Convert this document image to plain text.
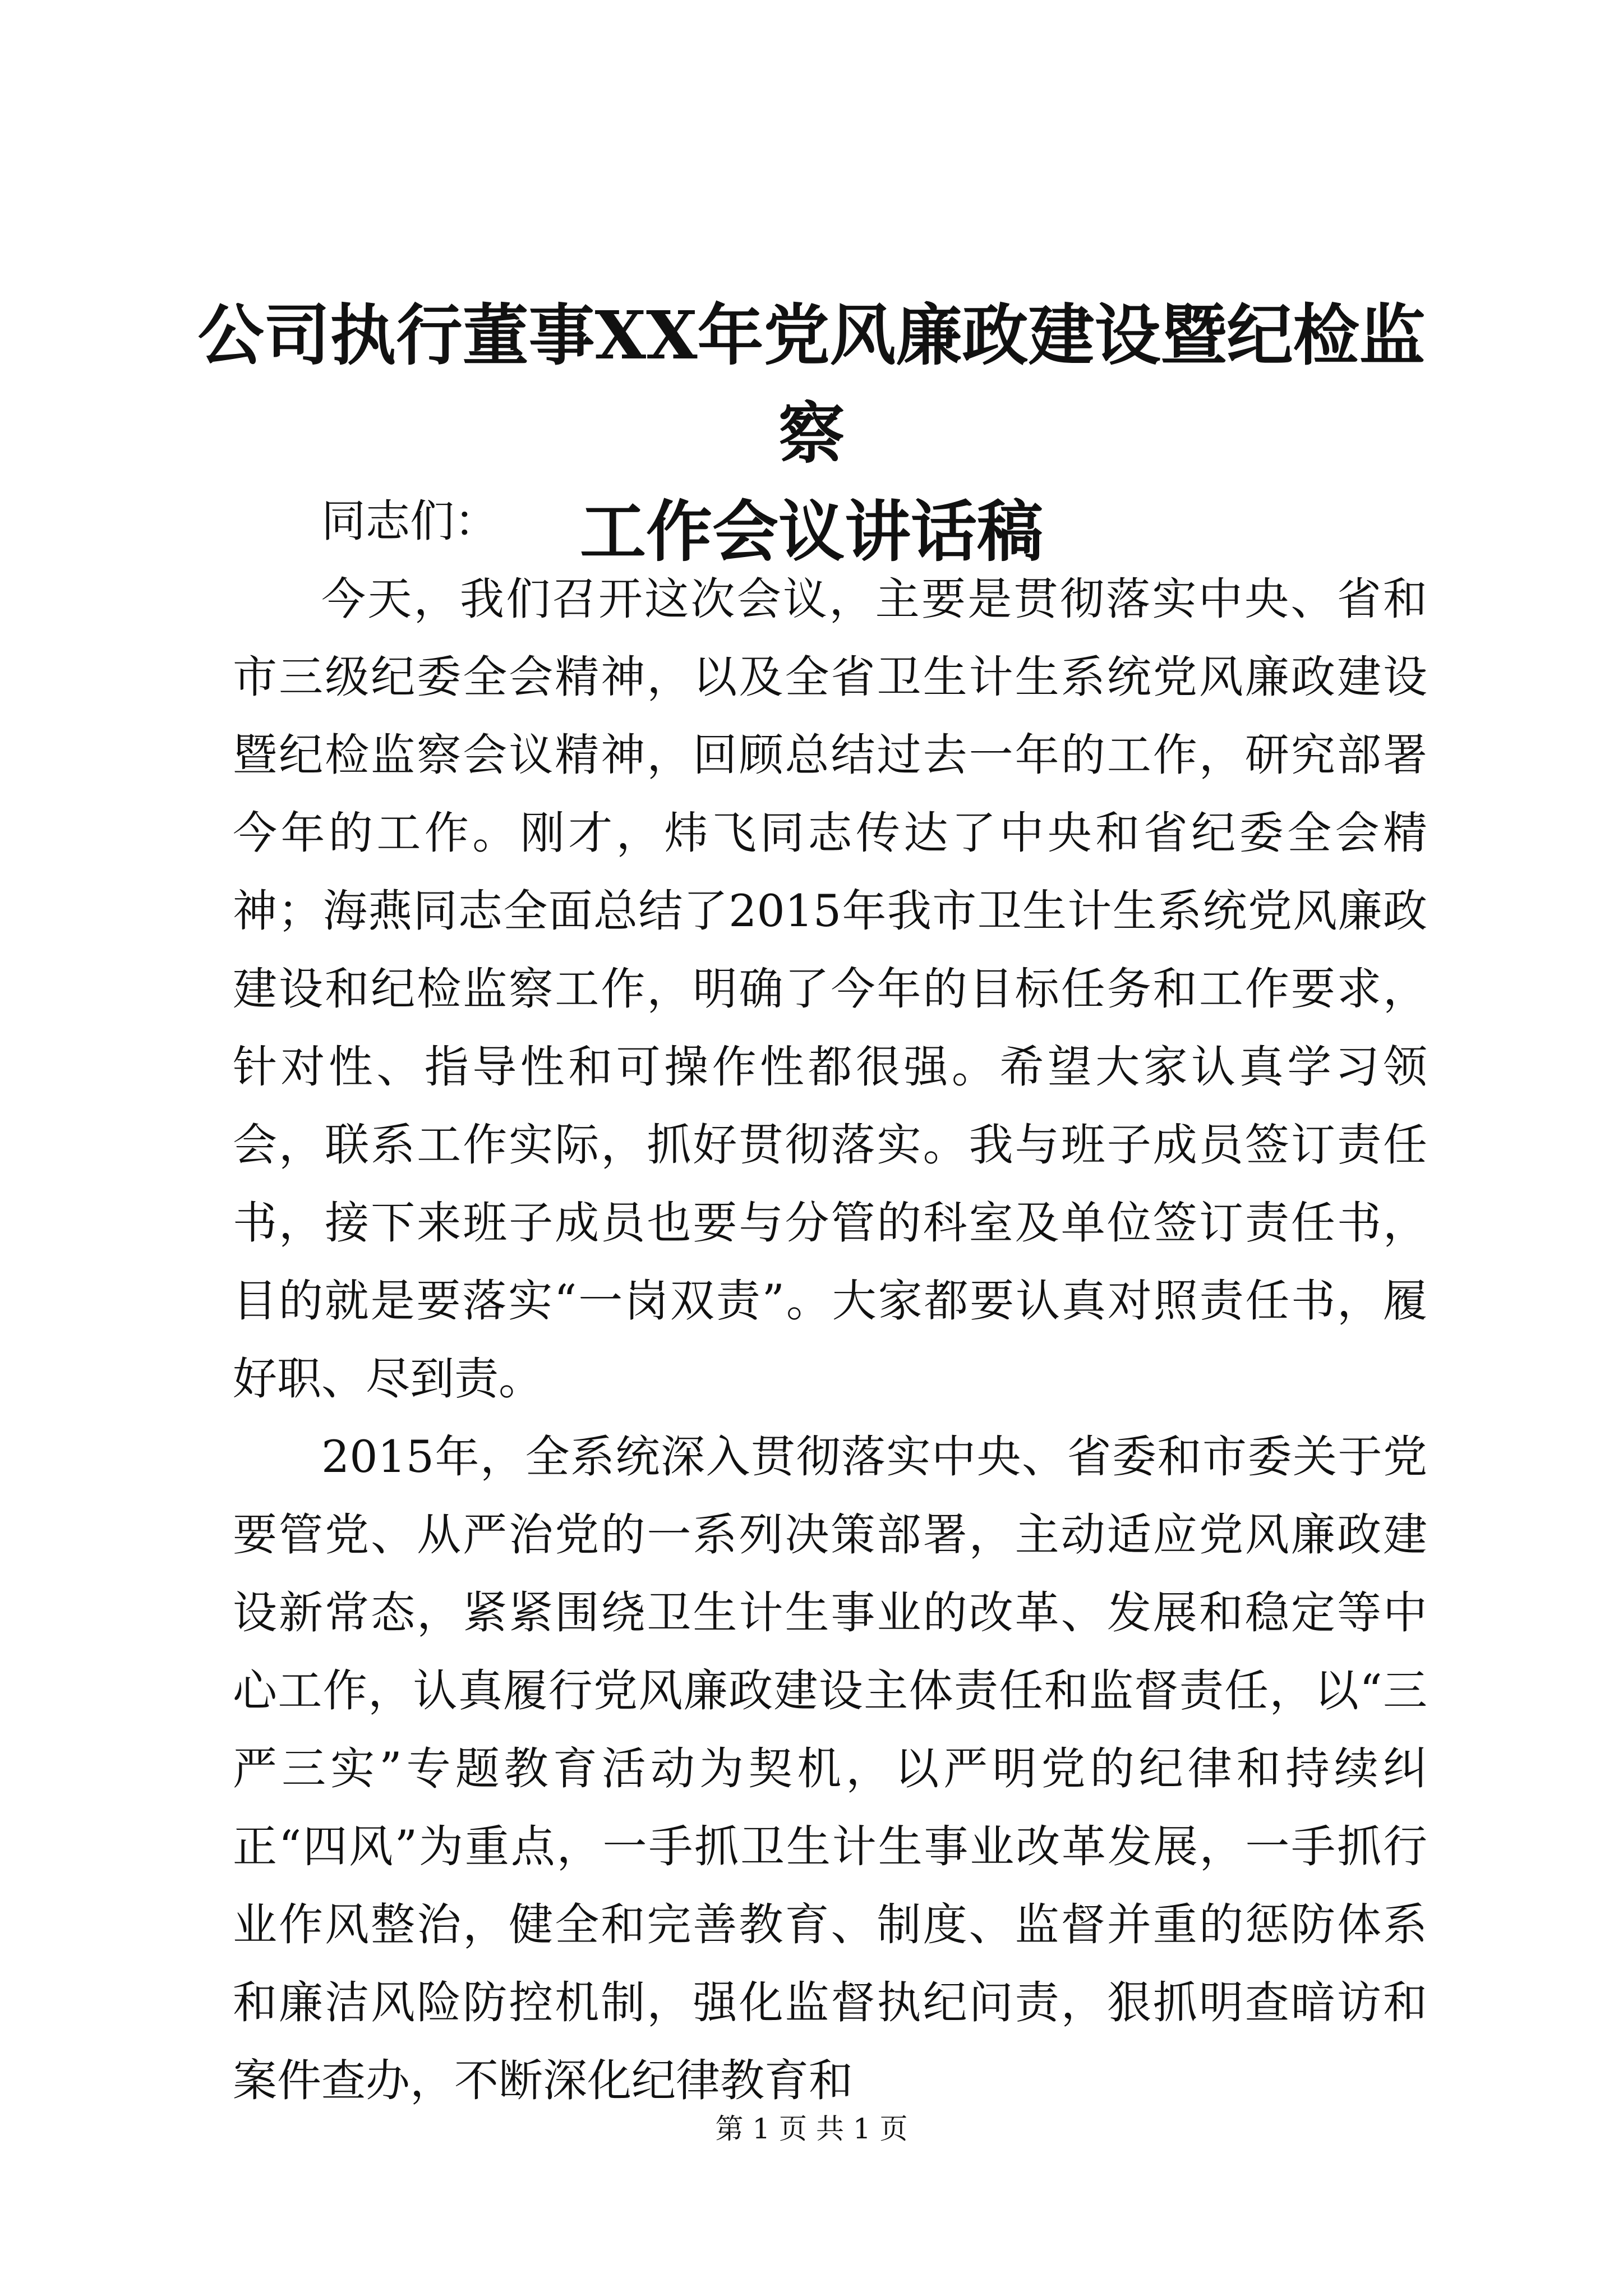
公司执行董事XX年党风廉政建设暨纪检监察
工作会议讲话稿

同志们：

今天，我们召开这次会议，主要是贯彻落实中央、省和市三级纪委全会精神，以及全省卫生计生系统党风廉政建设暨纪检监察会议精神，回顾总结过去一年的工作，研究部署今年的工作。刚才，炜飞同志传达了中央和省纪委全会精神；海燕同志全面总结了2015年我市卫生计生系统党风廉政建设和纪检监察工作，明确了今年的目标任务和工作要求，针对性、指导性和可操作性都很强。希望大家认真学习领会，联系工作实际，抓好贯彻落实。我与班子成员签订责任书，接下来班子成员也要与分管的科室及单位签订责任书，目的就是要落实“一岗双责”。大家都要认真对照责任书，履好职、尽到责。

2015年，全系统深入贯彻落实中央、省委和市委关于党要管党、从严治党的一系列决策部署，主动适应党风廉政建设新常态，紧紧围绕卫生计生事业的改革、发展和稳定等中心工作，认真履行党风廉政建设主体责任和监督责任，以“三严三实”专题教育活动为契机，以严明党的纪律和持续纠正“四风”为重点，一手抓卫生计生事业改革发展，一手抓行业作风整治，健全和完善教育、制度、监督并重的惩防体系和廉洁风险防控机制，强化监督执纪问责，狠抓明查暗访和案件查办，不断深化纪律教育和

第 1 页 共 1 页
